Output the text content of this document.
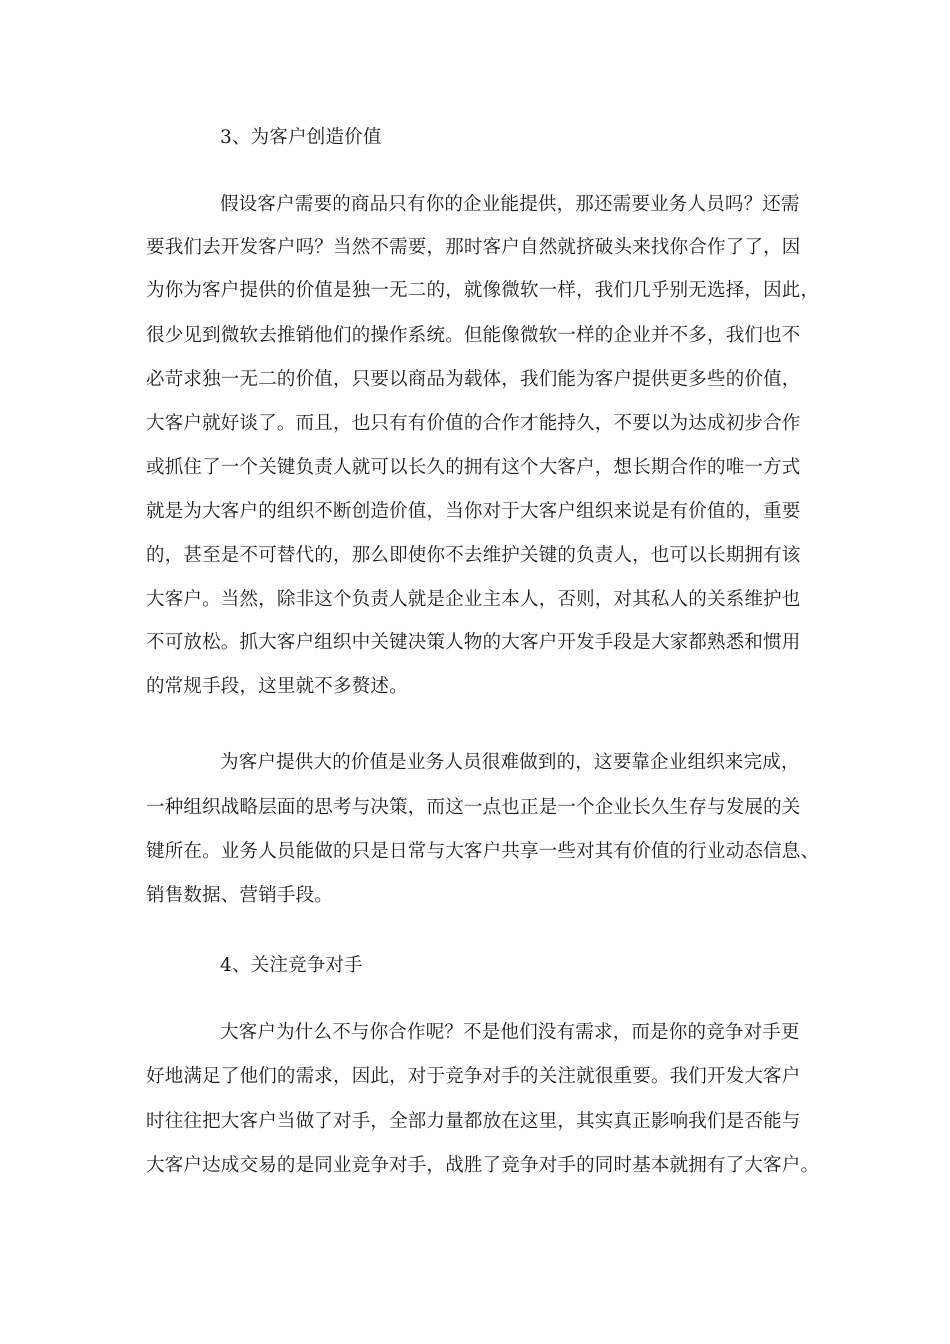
3、为客户创造价值
假设客户需要的商品只有你的企业能提供，那还需要业务人员吗？还需
要我们去开发客户吗？当然不需要，那时客户自然就挤破头来找你合作了了，因
为你为客户提供的价值是独一无二的，就像微软一样，我们几乎别无选择，因此，
很少见到微软去推销他们的操作系统。但能像微软一样的企业并不多，我们也不
必苛求独一无二的价值，只要以商品为载体，我们能为客户提供更多些的价值，
大客户就好谈了。而且，也只有有价值的合作才能持久，不要以为达成初步合作
或抓住了一个关键负责人就可以长久的拥有这个大客户，想长期合作的唯一方式
就是为大客户的组织不断创造价值，当你对于大客户组织来说是有价值的，重要
的，甚至是不可替代的，那么即使你不去维护关键的负责人，也可以长期拥有该
大客户。当然，除非这个负责人就是企业主本人，否则，对其私人的关系维护也
不可放松。抓大客户组织中关键决策人物的大客户开发手段是大家都熟悉和惯用
的常规手段，这里就不多赘述。
为客户提供大的价值是业务人员很难做到的，这要靠企业组织来完成，
一种组织战略层面的思考与决策，而这一点也正是一个企业长久生存与发展的关
键所在。业务人员能做的只是日常与大客户共享一些对其有价值的行业动态信息、
销售数据、营销手段。
4、关注竞争对手
大客户为什么不与你合作呢？不是他们没有需求，而是你的竞争对手更
好地满足了他们的需求，因此，对于竞争对手的关注就很重要。我们开发大客户
时往往把大客户当做了对手，全部力量都放在这里，其实真正影响我们是否能与
大客户达成交易的是同业竞争对手，战胜了竞争对手的同时基本就拥有了大客户。
